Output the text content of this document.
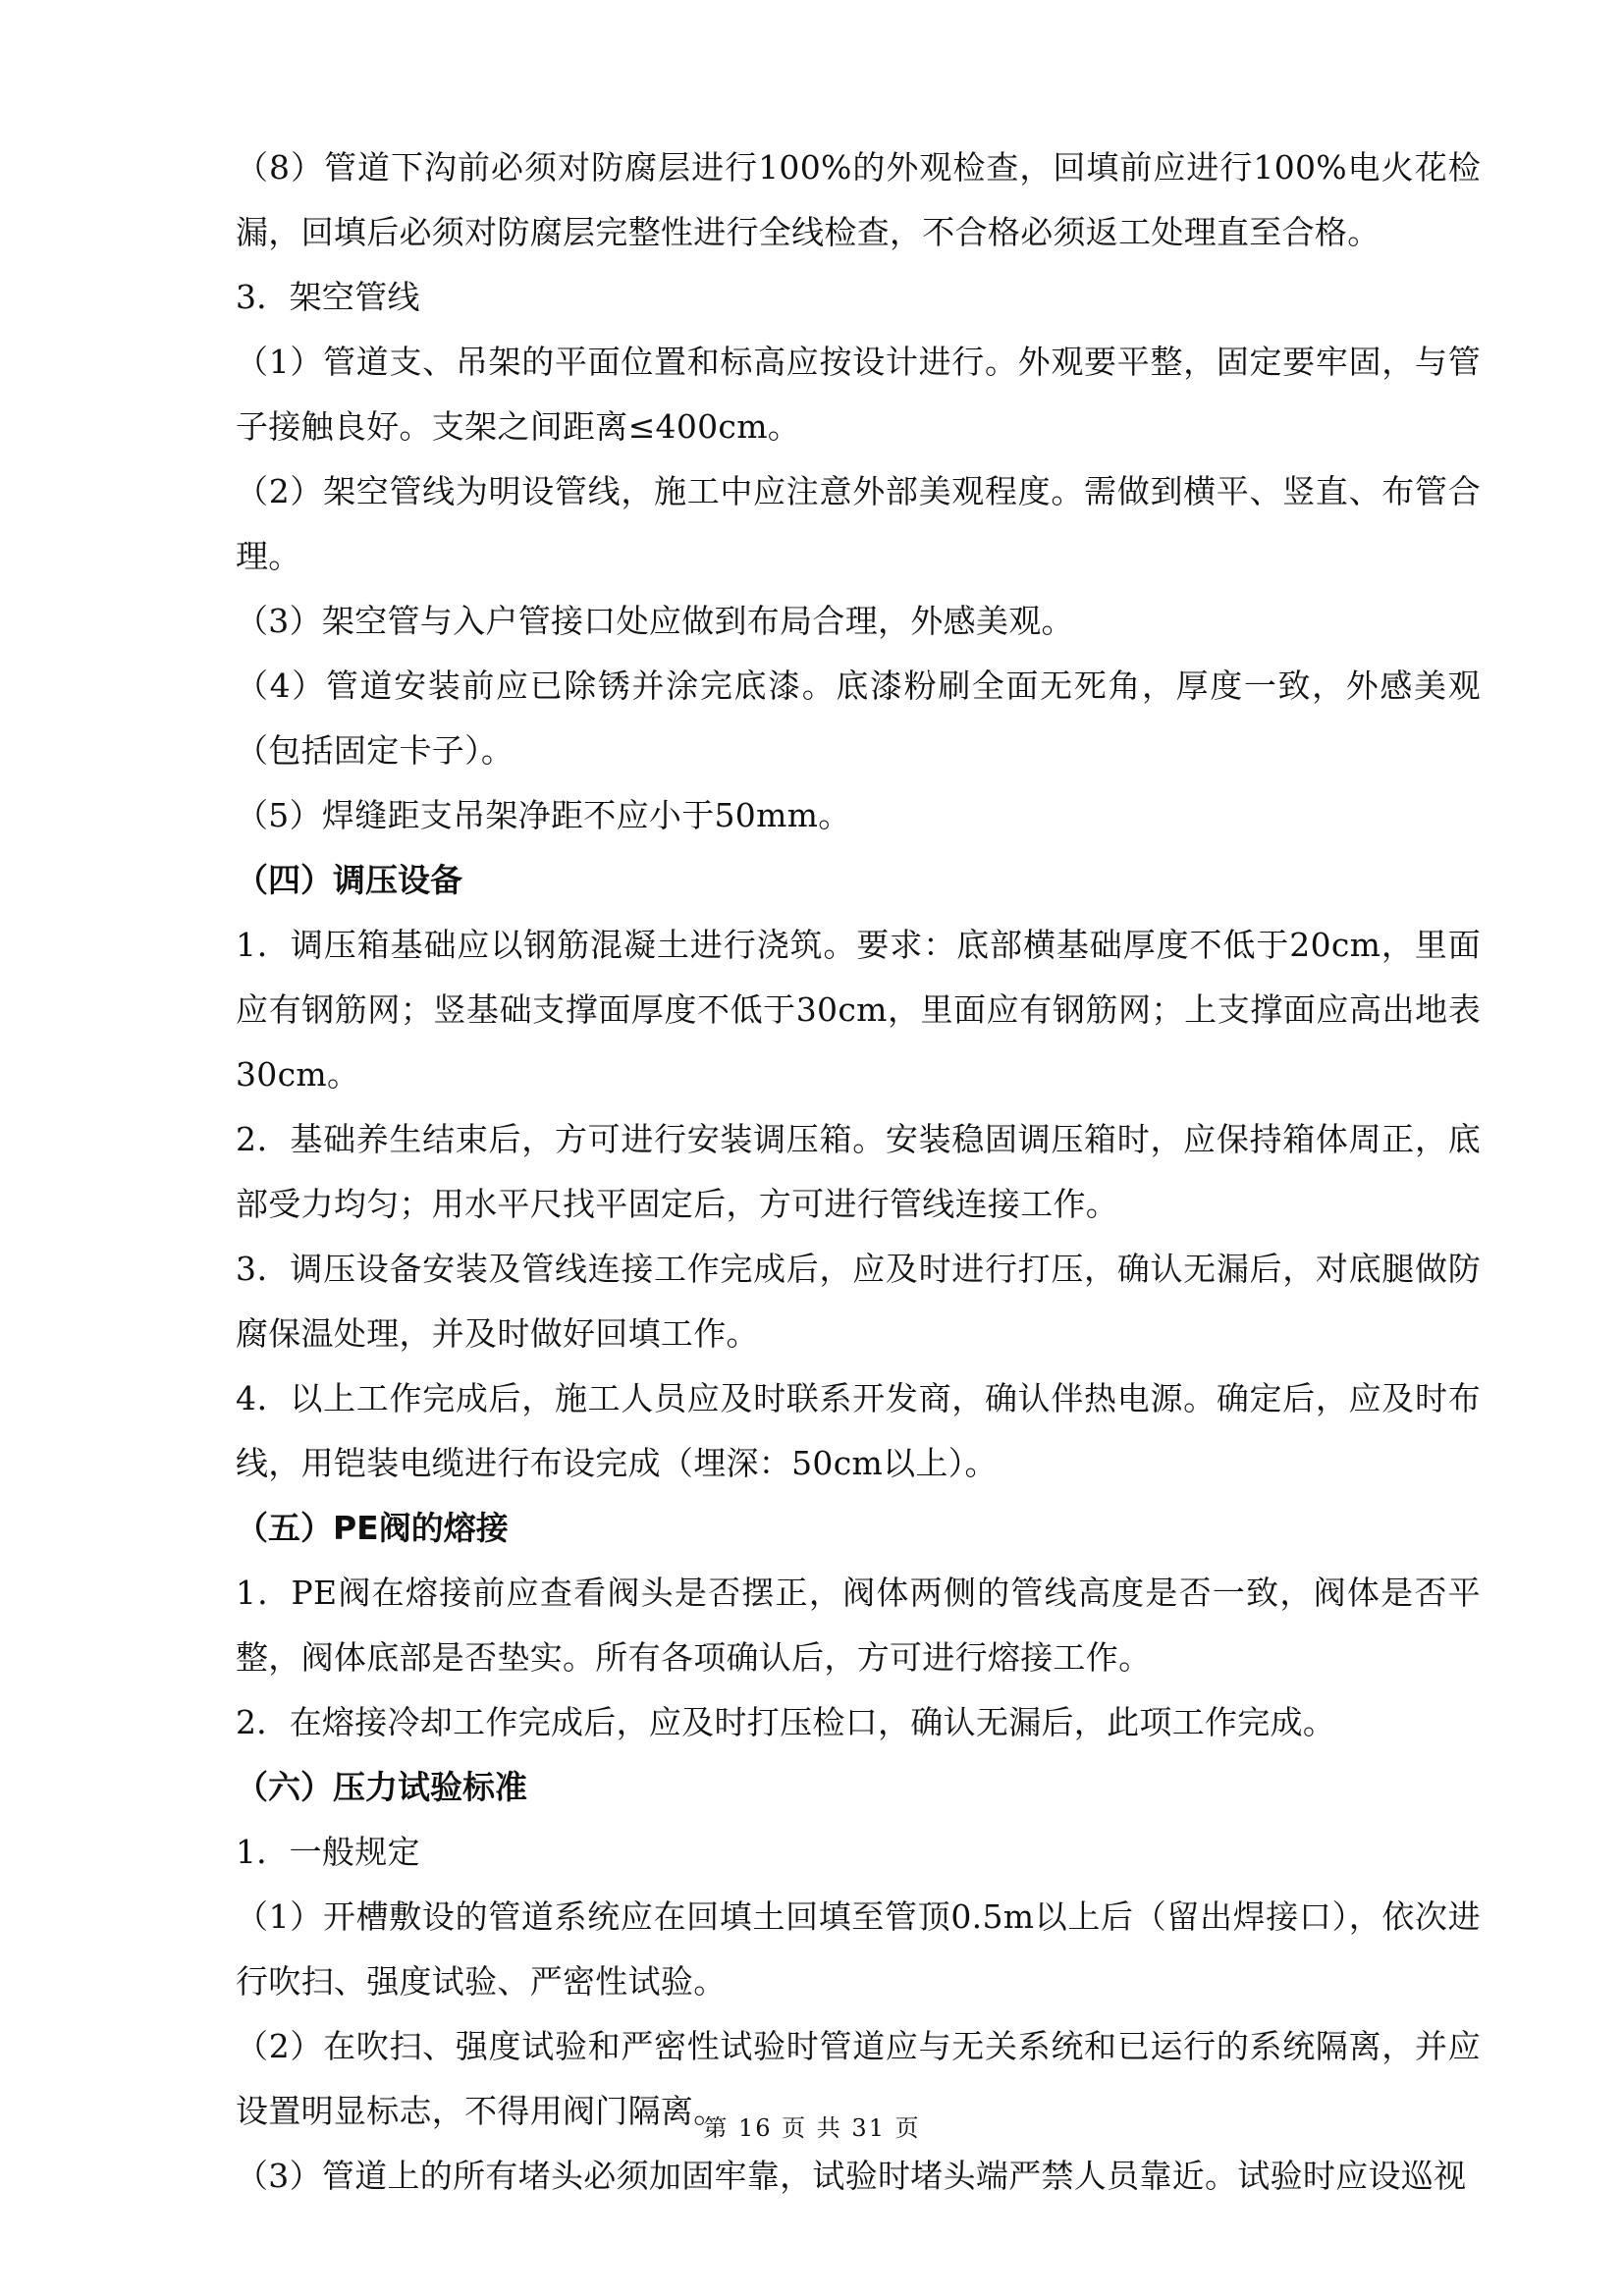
（8）管道下沟前必须对防腐层进行100%的外观检查，回填前应进行100%电火花检漏，回填后必须对防腐层完整性进行全线检查，不合格必须返工处理直至合格。

3．架空管线

（1）管道支、吊架的平面位置和标高应按设计进行。外观要平整，固定要牢固，与管子接触良好。支架之间距离≤400cm。

（2）架空管线为明设管线，施工中应注意外部美观程度。需做到横平、竖直、布管合理。

（3）架空管与入户管接口处应做到布局合理，外感美观。

（4）管道安装前应已除锈并涂完底漆。底漆粉刷全面无死角，厚度一致，外感美观（包括固定卡子）。

（5）焊缝距支吊架净距不应小于50mm。

（四）调压设备

1．调压箱基础应以钢筋混凝土进行浇筑。要求：底部横基础厚度不低于20cm，里面应有钢筋网；竖基础支撑面厚度不低于30cm，里面应有钢筋网；上支撑面应高出地表30cm。

2．基础养生结束后，方可进行安装调压箱。安装稳固调压箱时，应保持箱体周正，底部受力均匀；用水平尺找平固定后，方可进行管线连接工作。

3．调压设备安装及管线连接工作完成后，应及时进行打压，确认无漏后，对底腿做防腐保温处理，并及时做好回填工作。

4．以上工作完成后，施工人员应及时联系开发商，确认伴热电源。确定后，应及时布线，用铠装电缆进行布设完成（埋深：50cm以上）。

（五）PE阀的熔接

1．PE阀在熔接前应查看阀头是否摆正，阀体两侧的管线高度是否一致，阀体是否平整，阀体底部是否垫实。所有各项确认后，方可进行熔接工作。

2．在熔接冷却工作完成后，应及时打压检口，确认无漏后，此项工作完成。

（六）压力试验标准

1．一般规定

（1）开槽敷设的管道系统应在回填土回填至管顶0.5m以上后（留出焊接口），依次进行吹扫、强度试验、严密性试验。

（2）在吹扫、强度试验和严密性试验时管道应与无关系统和已运行的系统隔离，并应设置明显标志，不得用阀门隔离。

（3）管道上的所有堵头必须加固牢靠，试验时堵头端严禁人员靠近。试验时应设巡视

第 16 页 共 31 页
